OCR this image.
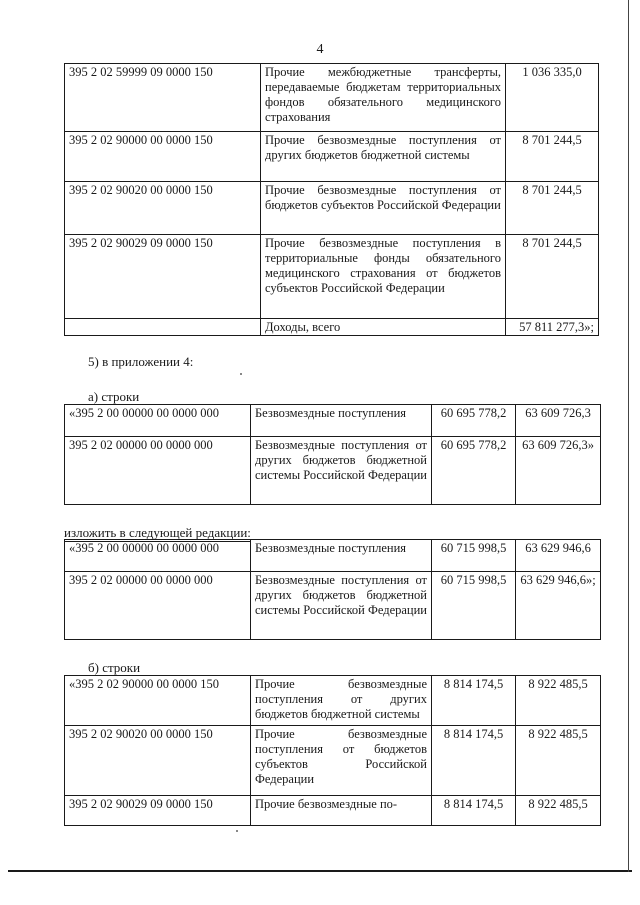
4
395 2 02 59999 09 0000 150	Прочие межбюджетные трансферты, передаваемые бюджетам территориальных фондов обязательного медицинского страхования	1 036 335,0
395 2 02 90000 00 0000 150	Прочие безвозмездные поступления от других бюджетов бюджетной системы	8 701 244,5
395 2 02 90020 00 0000 150	Прочие безвозмездные поступления от бюджетов субъектов Российской Федерации	8 701 244,5
395 2 02 90029 09 0000 150	Прочие безвозмездные поступления в территориальные фонды обязательного медицинского страхования от бюджетов субъектов Российской Федерации	8 701 244,5
	Доходы, всего	57 811 277,3»;
5) в приложении 4:
а) строки
«395 2 00 00000 00 0000 000	Безвозмездные поступления	60 695 778,2	63 609 726,3
395 2 02 00000 00 0000 000	Безвозмездные поступления от других бюджетов бюджетной системы Российской Федерации	60 695 778,2	63 609 726,3»
изложить в следующей редакции:
«395 2 00 00000 00 0000 000	Безвозмездные поступления	60 715 998,5	63 629 946,6
395 2 02 00000 00 0000 000	Безвозмездные поступления от других бюджетов бюджетной системы Российской Федерации	60 715 998,5	63 629 946,6»;
б) строки
«395 2 02 90000 00 0000 150	Прочие безвозмездные поступления от других бюджетов бюджетной системы	8 814 174,5	8 922 485,5
395 2 02 90020 00 0000 150	Прочие безвозмездные поступления от бюджетов субъектов Российской Федерации	8 814 174,5	8 922 485,5
395 2 02 90029 09 0000 150	Прочие безвозмездные по-	8 814 174,5	8 922 485,5
